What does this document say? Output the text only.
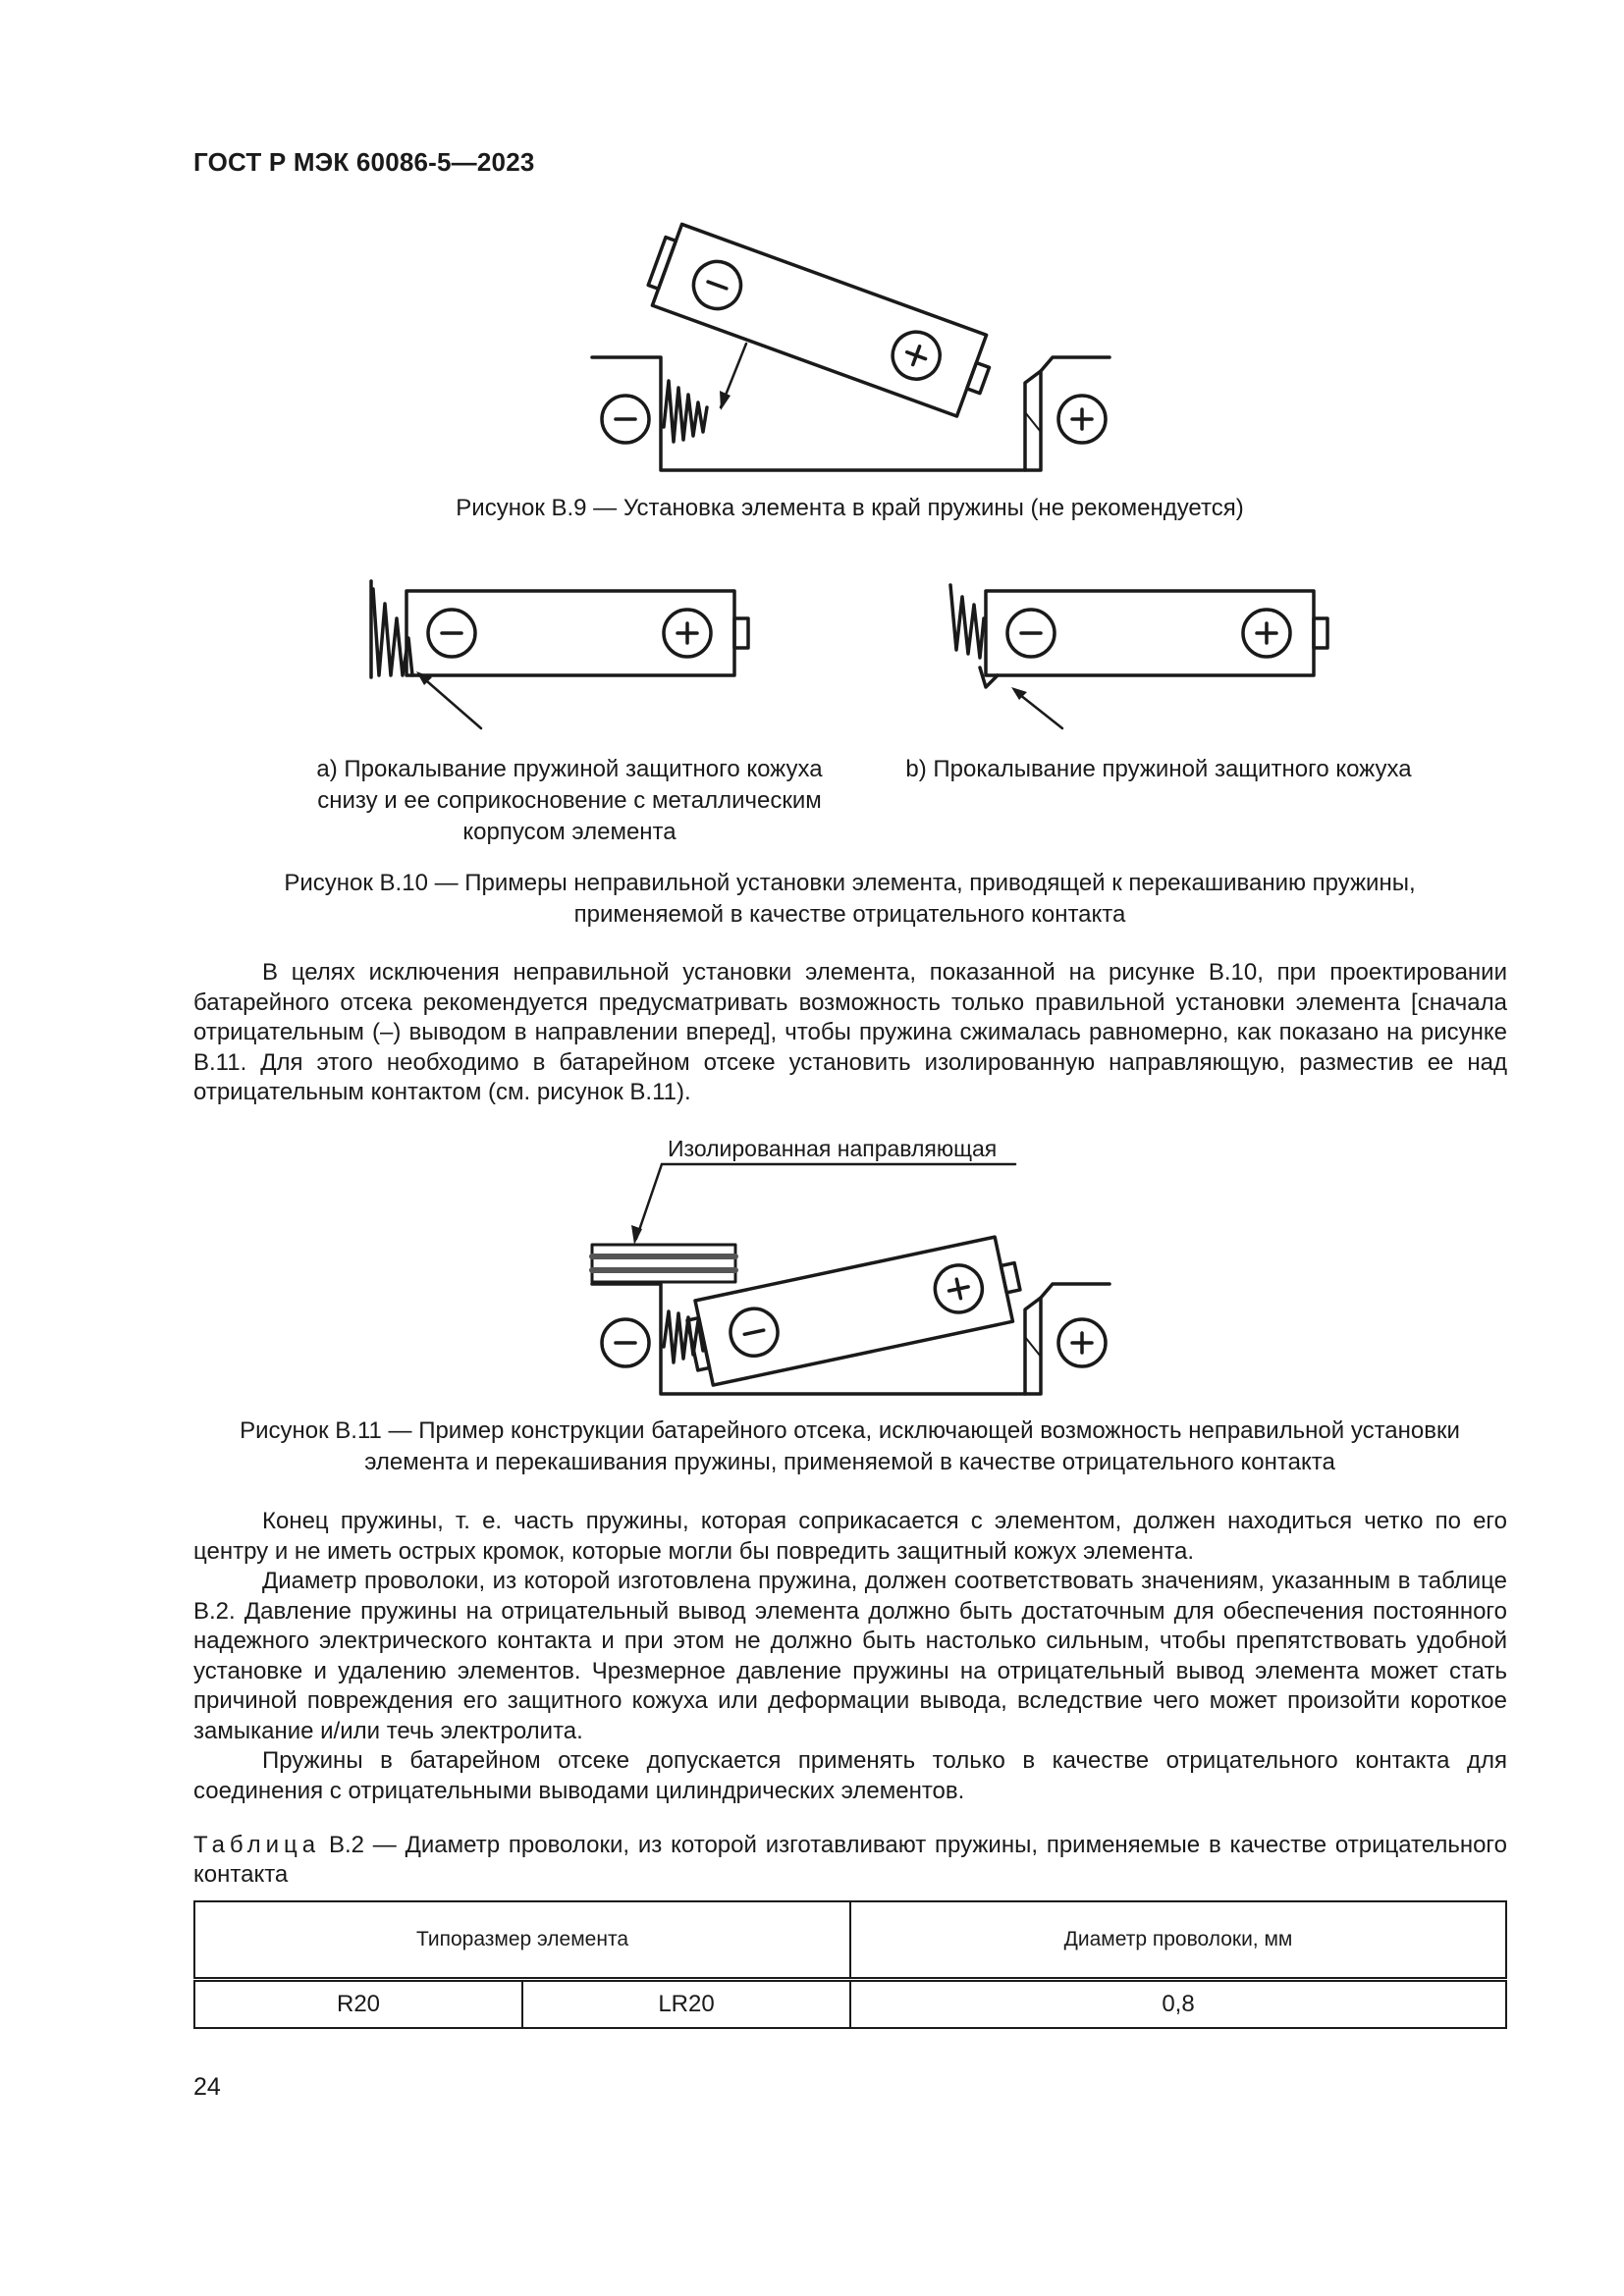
ГОСТ Р МЭК 60086-5—2023
Рисунок В.9 — Установка элемента в край пружины (не рекомендуется)
a) Прокалывание пружиной защитного кожуха
снизу и ее соприкосновение с металлическим
корпусом элемента
b) Прокалывание пружиной защитного кожуха
Рисунок В.10 — Примеры неправильной установки элемента, приводящей к перекашиванию пружины,
применяемой в качестве отрицательного контакта

В целях исключения неправильной установки элемента, показанной на рисунке В.10, при проектировании батарейного отсека рекомендуется предусматривать возможность только правильной установки элемента [сначала отрицательным (–) выводом в направлении вперед], чтобы пружина сжималась равномерно, как показано на рисунке В.11. Для этого необходимо в батарейном отсеке установить изолированную направляющую, разместив ее над отрицательным контактом (см. рисунок В.11).

Изолированная направляющая
Рисунок В.11 — Пример конструкции батарейного отсека, исключающей возможность неправильной установки
элемента и перекашивания пружины, применяемой в качестве отрицательного контакта

Конец пружины, т. е. часть пружины, которая соприкасается с элементом, должен находиться четко по его центру и не иметь острых кромок, которые могли бы повредить защитный кожух элемента.

Диаметр проволоки, из которой изготовлена пружина, должен соответствовать значениям, указанным в таблице В.2. Давление пружины на отрицательный вывод элемента должно быть достаточным для обеспечения постоянного надежного электрического контакта и при этом не должно быть настолько сильным, чтобы препятствовать удобной установке и удалению элементов. Чрезмерное давление пружины на отрицательный вывод элемента может стать причиной повреждения его защитного кожуха или деформации вывода, вследствие чего может произойти короткое замыкание и/или течь электролита.

Пружины в батарейном отсеке допускается применять только в качестве отрицательного контакта для соединения с отрицательными выводами цилиндрических элементов.

Таблица В.2 — Диаметр проволоки, из которой изготавливают пружины, применяемые в качестве отрицательного контакта

Типоразмер элемента		Диаметр проволоки, мм
R20	LR20	0,8
24
